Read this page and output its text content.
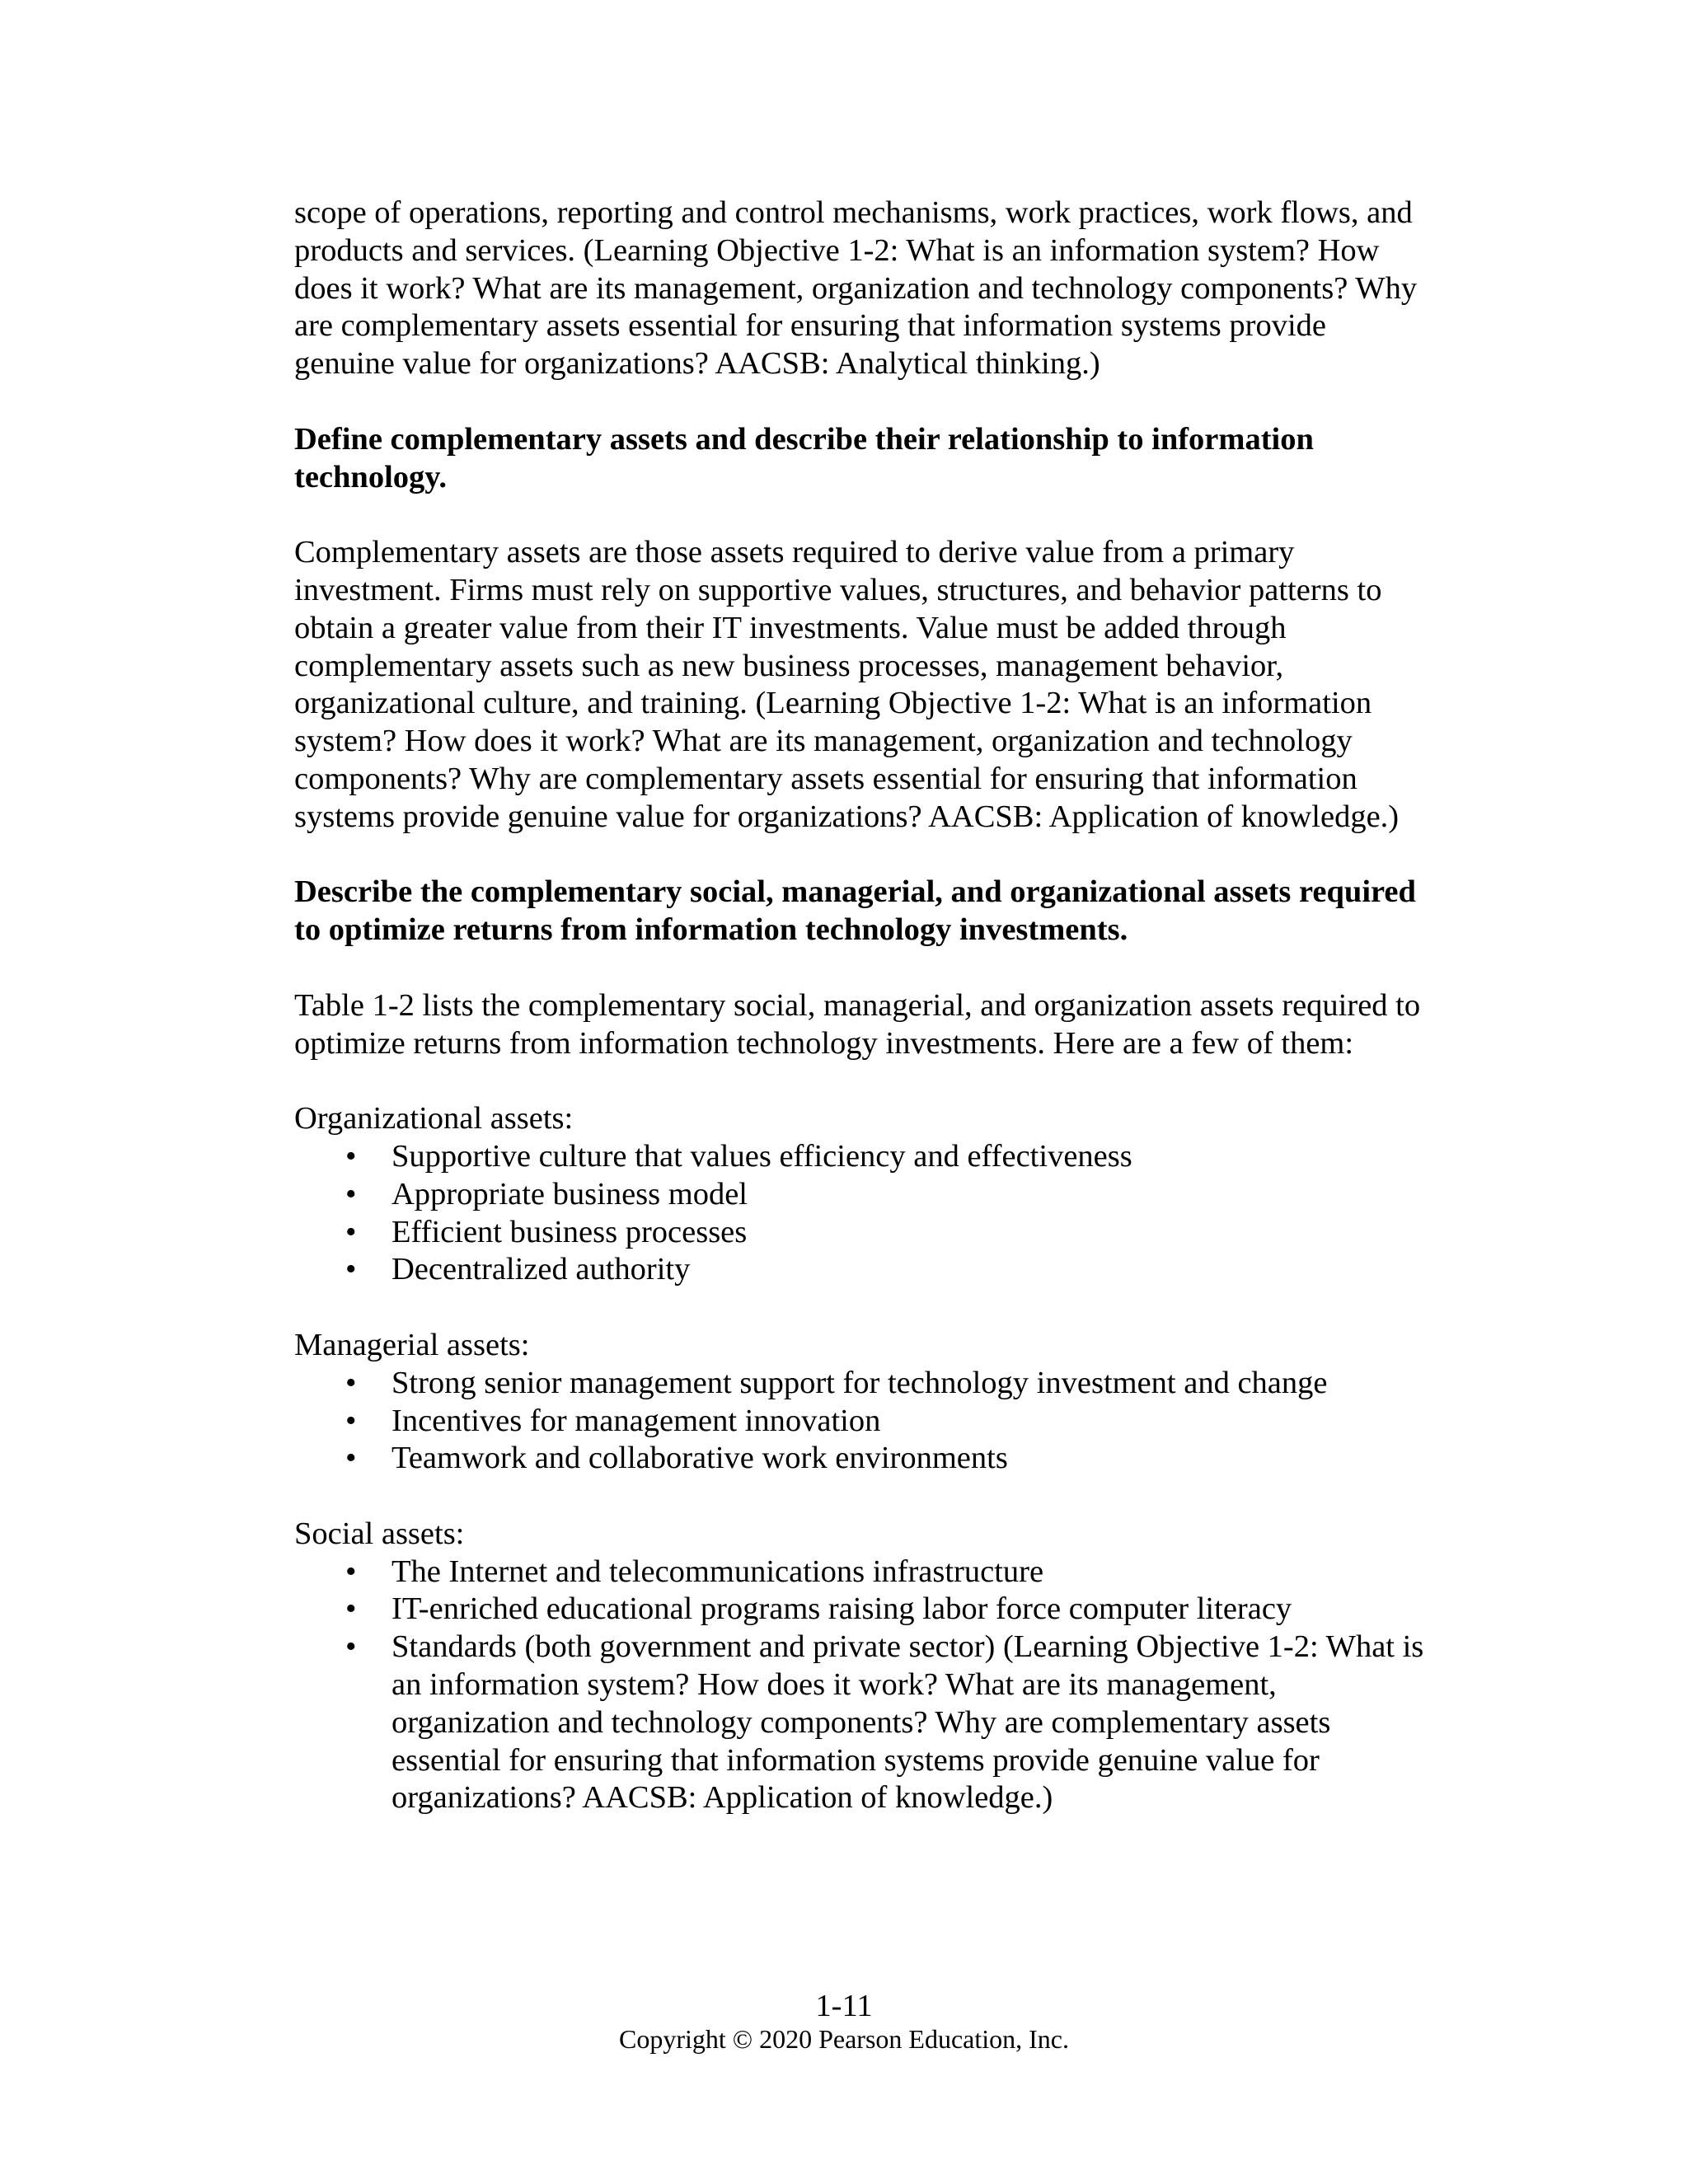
scope of operations, reporting and control mechanisms, work practices, work flows, and products and services. (Learning Objective 1-2: What is an information system? How does it work? What are its management, organization and technology components? Why are complementary assets essential for ensuring that information systems provide genuine value for organizations? AACSB: Analytical thinking.)

Define complementary assets and describe their relationship to information technology.

Complementary assets are those assets required to derive value from a primary investment. Firms must rely on supportive values, structures, and behavior patterns to obtain a greater value from their IT investments. Value must be added through complementary assets such as new business processes, management behavior, organizational culture, and training. (Learning Objective 1-2: What is an information system? How does it work? What are its management, organization and technology components? Why are complementary assets essential for ensuring that information systems provide genuine value for organizations? AACSB: Application of knowledge.)

Describe the complementary social, managerial, and organizational assets required to optimize returns from information technology investments.

Table 1-2 lists the complementary social, managerial, and organization assets required to optimize returns from information technology investments. Here are a few of them:

Organizational assets:

•	Supportive culture that values efficiency and effectiveness
•	Appropriate business model
•	Efficient business processes
•	Decentralized authority

Managerial assets:

•	Strong senior management support for technology investment and change
•	Incentives for management innovation
•	Teamwork and collaborative work environments

Social assets:

•	The Internet and telecommunications infrastructure
•	IT-enriched educational programs raising labor force computer literacy
•	Standards (both government and private sector) (Learning Objective 1-2: What is an information system? How does it work? What are its management, organization and technology components? Why are complementary assets essential for ensuring that information systems provide genuine value for organizations? AACSB: Application of knowledge.)
1-11
Copyright © 2020 Pearson Education, Inc.
